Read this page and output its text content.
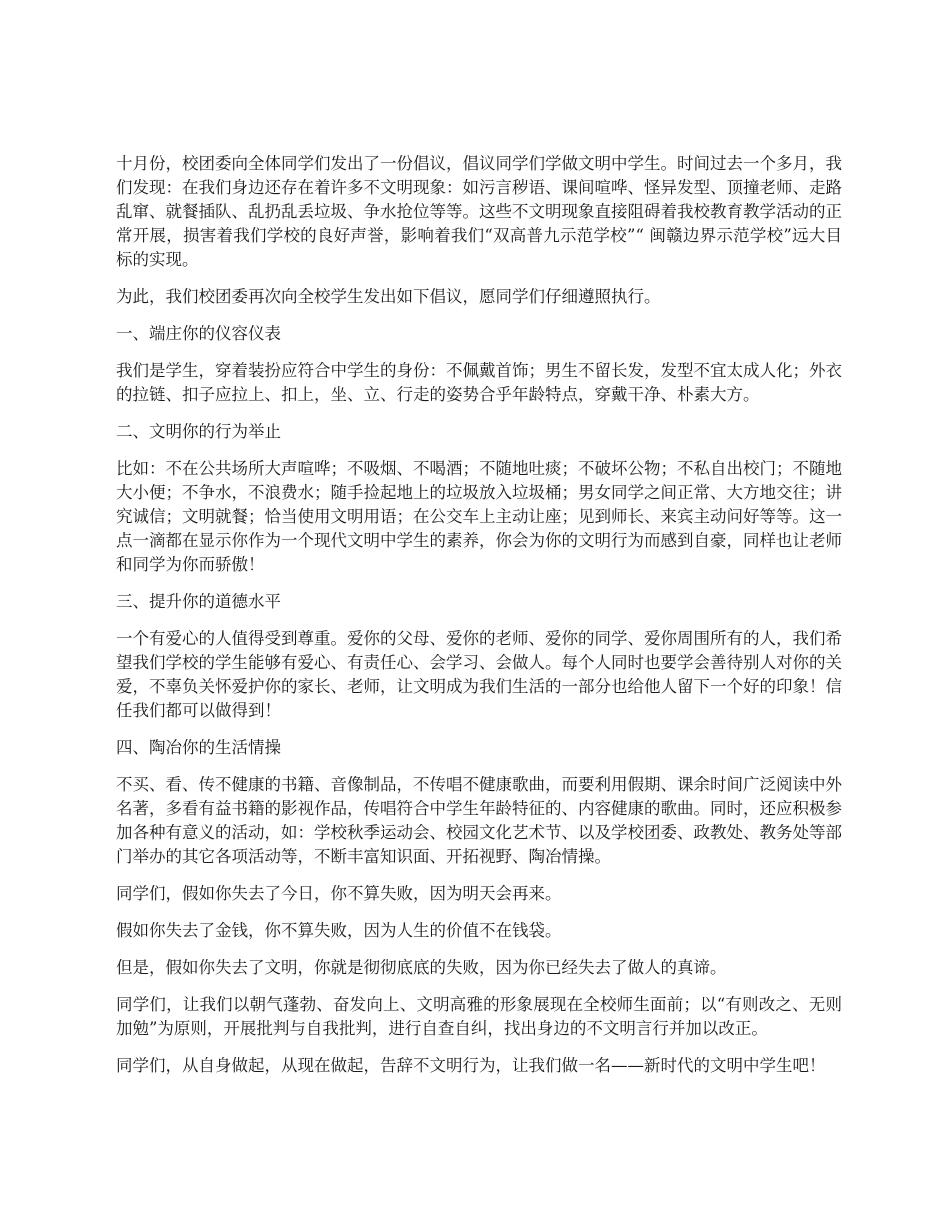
十月份，校团委向全体同学们发出了一份倡议，倡议同学们学做文明中学生。时间过去一个多月，我们发现：在我们身边还存在着许多不文明现象：如污言秽语、课间喧哗、怪异发型、顶撞老师、走路乱窜、就餐插队、乱扔乱丢垃圾、争水抢位等等。这些不文明现象直接阻碍着我校教育教学活动的正常开展，损害着我们学校的良好声誉，影响着我们“双高普九示范学校”“ 闽赣边界示范学校”远大目标的实现。

为此，我们校团委再次向全校学生发出如下倡议，愿同学们仔细遵照执行。

一、端庄你的仪容仪表

我们是学生，穿着装扮应符合中学生的身份：不佩戴首饰；男生不留长发，发型不宜太成人化；外衣的拉链、扣子应拉上、扣上，坐、立、行走的姿势合乎年龄特点，穿戴干净、朴素大方。

二、文明你的行为举止

比如：不在公共场所大声喧哗；不吸烟、不喝酒；不随地吐痰；不破坏公物；不私自出校门；不随地大小便；不争水，不浪费水；随手捡起地上的垃圾放入垃圾桶；男女同学之间正常、大方地交往；讲究诚信；文明就餐；恰当使用文明用语；在公交车上主动让座；见到师长、来宾主动问好等等。这一点一滴都在显示你作为一个现代文明中学生的素养，你会为你的文明行为而感到自豪，同样也让老师和同学为你而骄傲！

三、提升你的道德水平

一个有爱心的人值得受到尊重。爱你的父母、爱你的老师、爱你的同学、爱你周围所有的人，我们希望我们学校的学生能够有爱心、有责任心、会学习、会做人。每个人同时也要学会善待别人对你的关爱，不辜负关怀爱护你的家长、老师，让文明成为我们生活的一部分也给他人留下一个好的印象！信任我们都可以做得到！

四、陶冶你的生活情操

不买、看、传不健康的书籍、音像制品，不传唱不健康歌曲，而要利用假期、课余时间广泛阅读中外名著，多看有益书籍的影视作品，传唱符合中学生年龄特征的、内容健康的歌曲。同时，还应积极参加各种有意义的活动，如：学校秋季运动会、校园文化艺术节、以及学校团委、政教处、教务处等部门举办的其它各项活动等，不断丰富知识面、开拓视野、陶冶情操。

同学们，假如你失去了今日，你不算失败，因为明天会再来。

假如你失去了金钱，你不算失败，因为人生的价值不在钱袋。

但是，假如你失去了文明，你就是彻彻底底的失败，因为你已经失去了做人的真谛。

同学们，让我们以朝气蓬勃、奋发向上、文明高雅的形象展现在全校师生面前；以“有则改之、无则加勉”为原则，开展批判与自我批判，进行自查自纠，找出身边的不文明言行并加以改正。

同学们，从自身做起，从现在做起，告辞不文明行为，让我们做一名——新时代的文明中学生吧！
